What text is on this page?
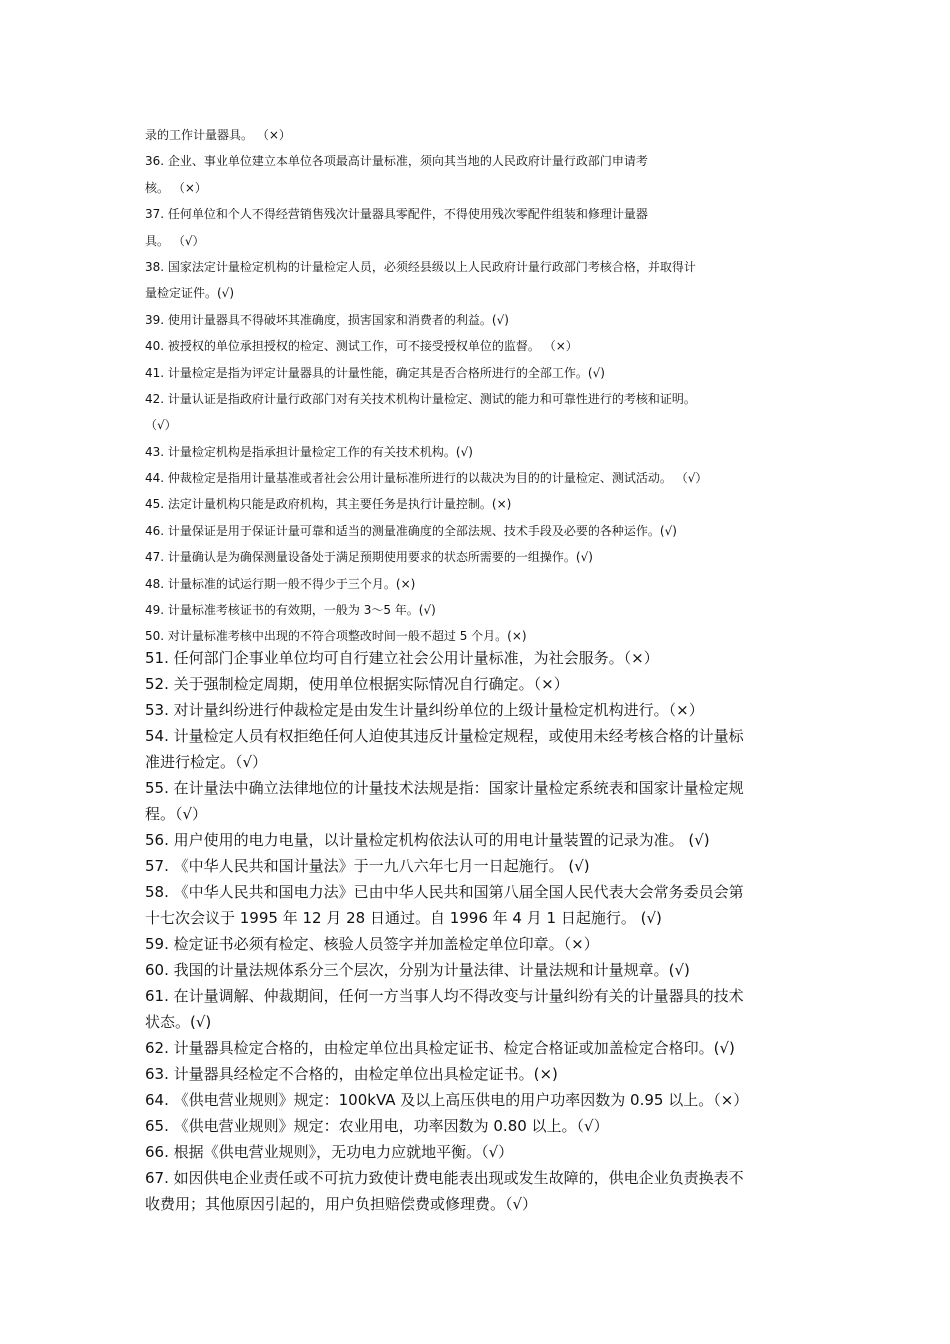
录的工作计量器具。 （×）
36. 企业、事业单位建立本单位各项最高计量标准，须向其当地的人民政府计量行政部门申请考
核。 （×）
37. 任何单位和个人不得经营销售残次计量器具零配件，不得使用残次零配件组装和修理计量器
具。 （√）
38. 国家法定计量检定机构的计量检定人员，必须经县级以上人民政府计量行政部门考核合格，并取得计
量检定证件。(√)
39. 使用计量器具不得破坏其准确度，损害国家和消费者的利益。(√)
40. 被授权的单位承担授权的检定、测试工作，可不接受授权单位的监督。 （×）
41. 计量检定是指为评定计量器具的计量性能，确定其是否合格所进行的全部工作。(√)
42. 计量认证是指政府计量行政部门对有关技术机构计量检定、测试的能力和可靠性进行的考核和证明。
（√）
43. 计量检定机构是指承担计量检定工作的有关技术机构。(√)
44. 仲裁检定是指用计量基准或者社会公用计量标准所进行的以裁决为目的的计量检定、测试活动。 （√）
45. 法定计量机构只能是政府机构，其主要任务是执行计量控制。(×)
46. 计量保证是用于保证计量可靠和适当的测量准确度的全部法规、技术手段及必要的各种运作。(√)
47. 计量确认是为确保测量设备处于满足预期使用要求的状态所需要的一组操作。(√)
48. 计量标准的试运行期一般不得少于三个月。(×)
49. 计量标准考核证书的有效期，一般为 3～5 年。(√)
50. 对计量标准考核中出现的不符合项整改时间一般不超过 5 个月。(×)
51. 任何部门企事业单位均可自行建立社会公用计量标准，为社会服务。（×）
52. 关于强制检定周期，使用单位根据实际情况自行确定。（×）
53. 对计量纠纷进行仲裁检定是由发生计量纠纷单位的上级计量检定机构进行。（×）
54. 计量检定人员有权拒绝任何人迫使其违反计量检定规程，或使用未经考核合格的计量标
准进行检定。（√）
55. 在计量法中确立法律地位的计量技术法规是指：国家计量检定系统表和国家计量检定规
程。（√）
56. 用户使用的电力电量，以计量检定机构依法认可的用电计量装置的记录为准。 (√)
57. 《中华人民共和国计量法》于一九八六年七月一日起施行。 (√)
58. 《中华人民共和国电力法》已由中华人民共和国第八届全国人民代表大会常务委员会第
十七次会议于 1995 年 12 月 28 日通过。自 1996 年 4 月 1 日起施行。 (√)
59. 检定证书必须有检定、核验人员签字并加盖检定单位印章。（×）
60. 我国的计量法规体系分三个层次，分别为计量法律、计量法规和计量规章。(√)
61. 在计量调解、仲裁期间，任何一方当事人均不得改变与计量纠纷有关的计量器具的技术
状态。(√)
62. 计量器具检定合格的，由检定单位出具检定证书、检定合格证或加盖检定合格印。(√)
63. 计量器具经检定不合格的，由检定单位出具检定证书。(×)
64. 《供电营业规则》规定：100kVA 及以上高压供电的用户功率因数为 0.95 以上。（×）
65. 《供电营业规则》规定：农业用电，功率因数为 0.80 以上。（√）
66. 根据《供电营业规则》，无功电力应就地平衡。（√）
67. 如因供电企业责任或不可抗力致使计费电能表出现或发生故障的，供电企业负责换表不
收费用；其他原因引起的，用户负担赔偿费或修理费。（√）
